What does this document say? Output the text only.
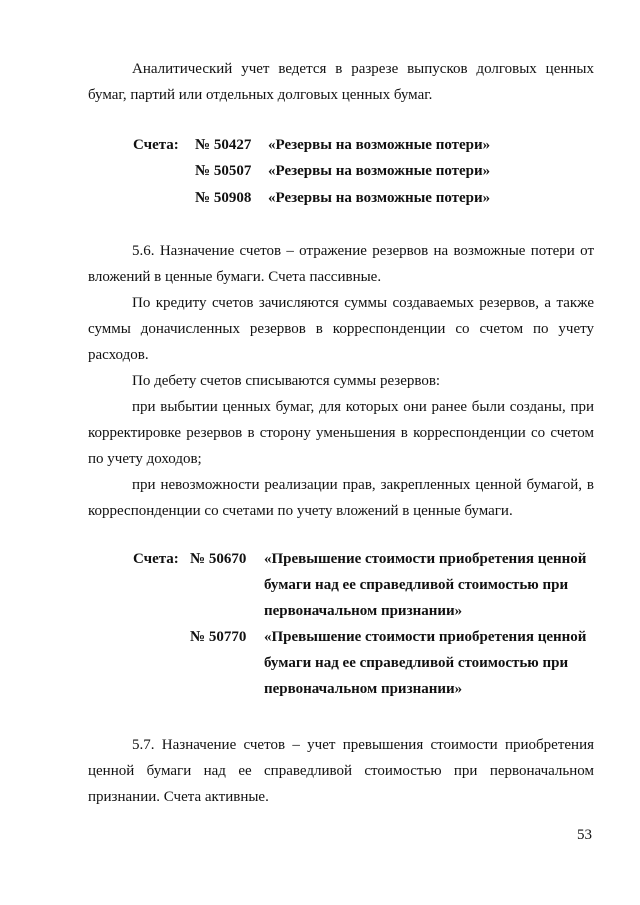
Аналитический учет ведется в разрезе выпусков долговых ценных бумаг, партий или отдельных долговых ценных бумаг.

Счета: № 50427 «Резервы на возможные потери»
№ 50507 «Резервы на возможные потери»
№ 50908 «Резервы на возможные потери»

5.6. Назначение счетов – отражение резервов на возможные потери от вложений в ценные бумаги. Счета пассивные.

По кредиту счетов зачисляются суммы создаваемых резервов, а также суммы доначисленных резервов в корреспонденции со счетом по учету расходов.

По дебету счетов списываются суммы резервов:

при выбытии ценных бумаг, для которых они ранее были созданы, при корректировке резервов в сторону уменьшения в корреспонденции со счетом по учету доходов;

при невозможности реализации прав, закрепленных ценной бумагой, в корреспонденции со счетами по учету вложений в ценные бумаги.

Счета: № 50670 «Превышение стоимости приобретения ценной
бумаги над ее справедливой стоимостью при
первоначальном признании»

№ 50770 «Превышение стоимости приобретения ценной
бумаги над ее справедливой стоимостью при
первоначальном признании»

5.7. Назначение счетов – учет превышения стоимости приобретения ценной бумаги над ее справедливой стоимостью при первоначальном признании. Счета активные.

53
